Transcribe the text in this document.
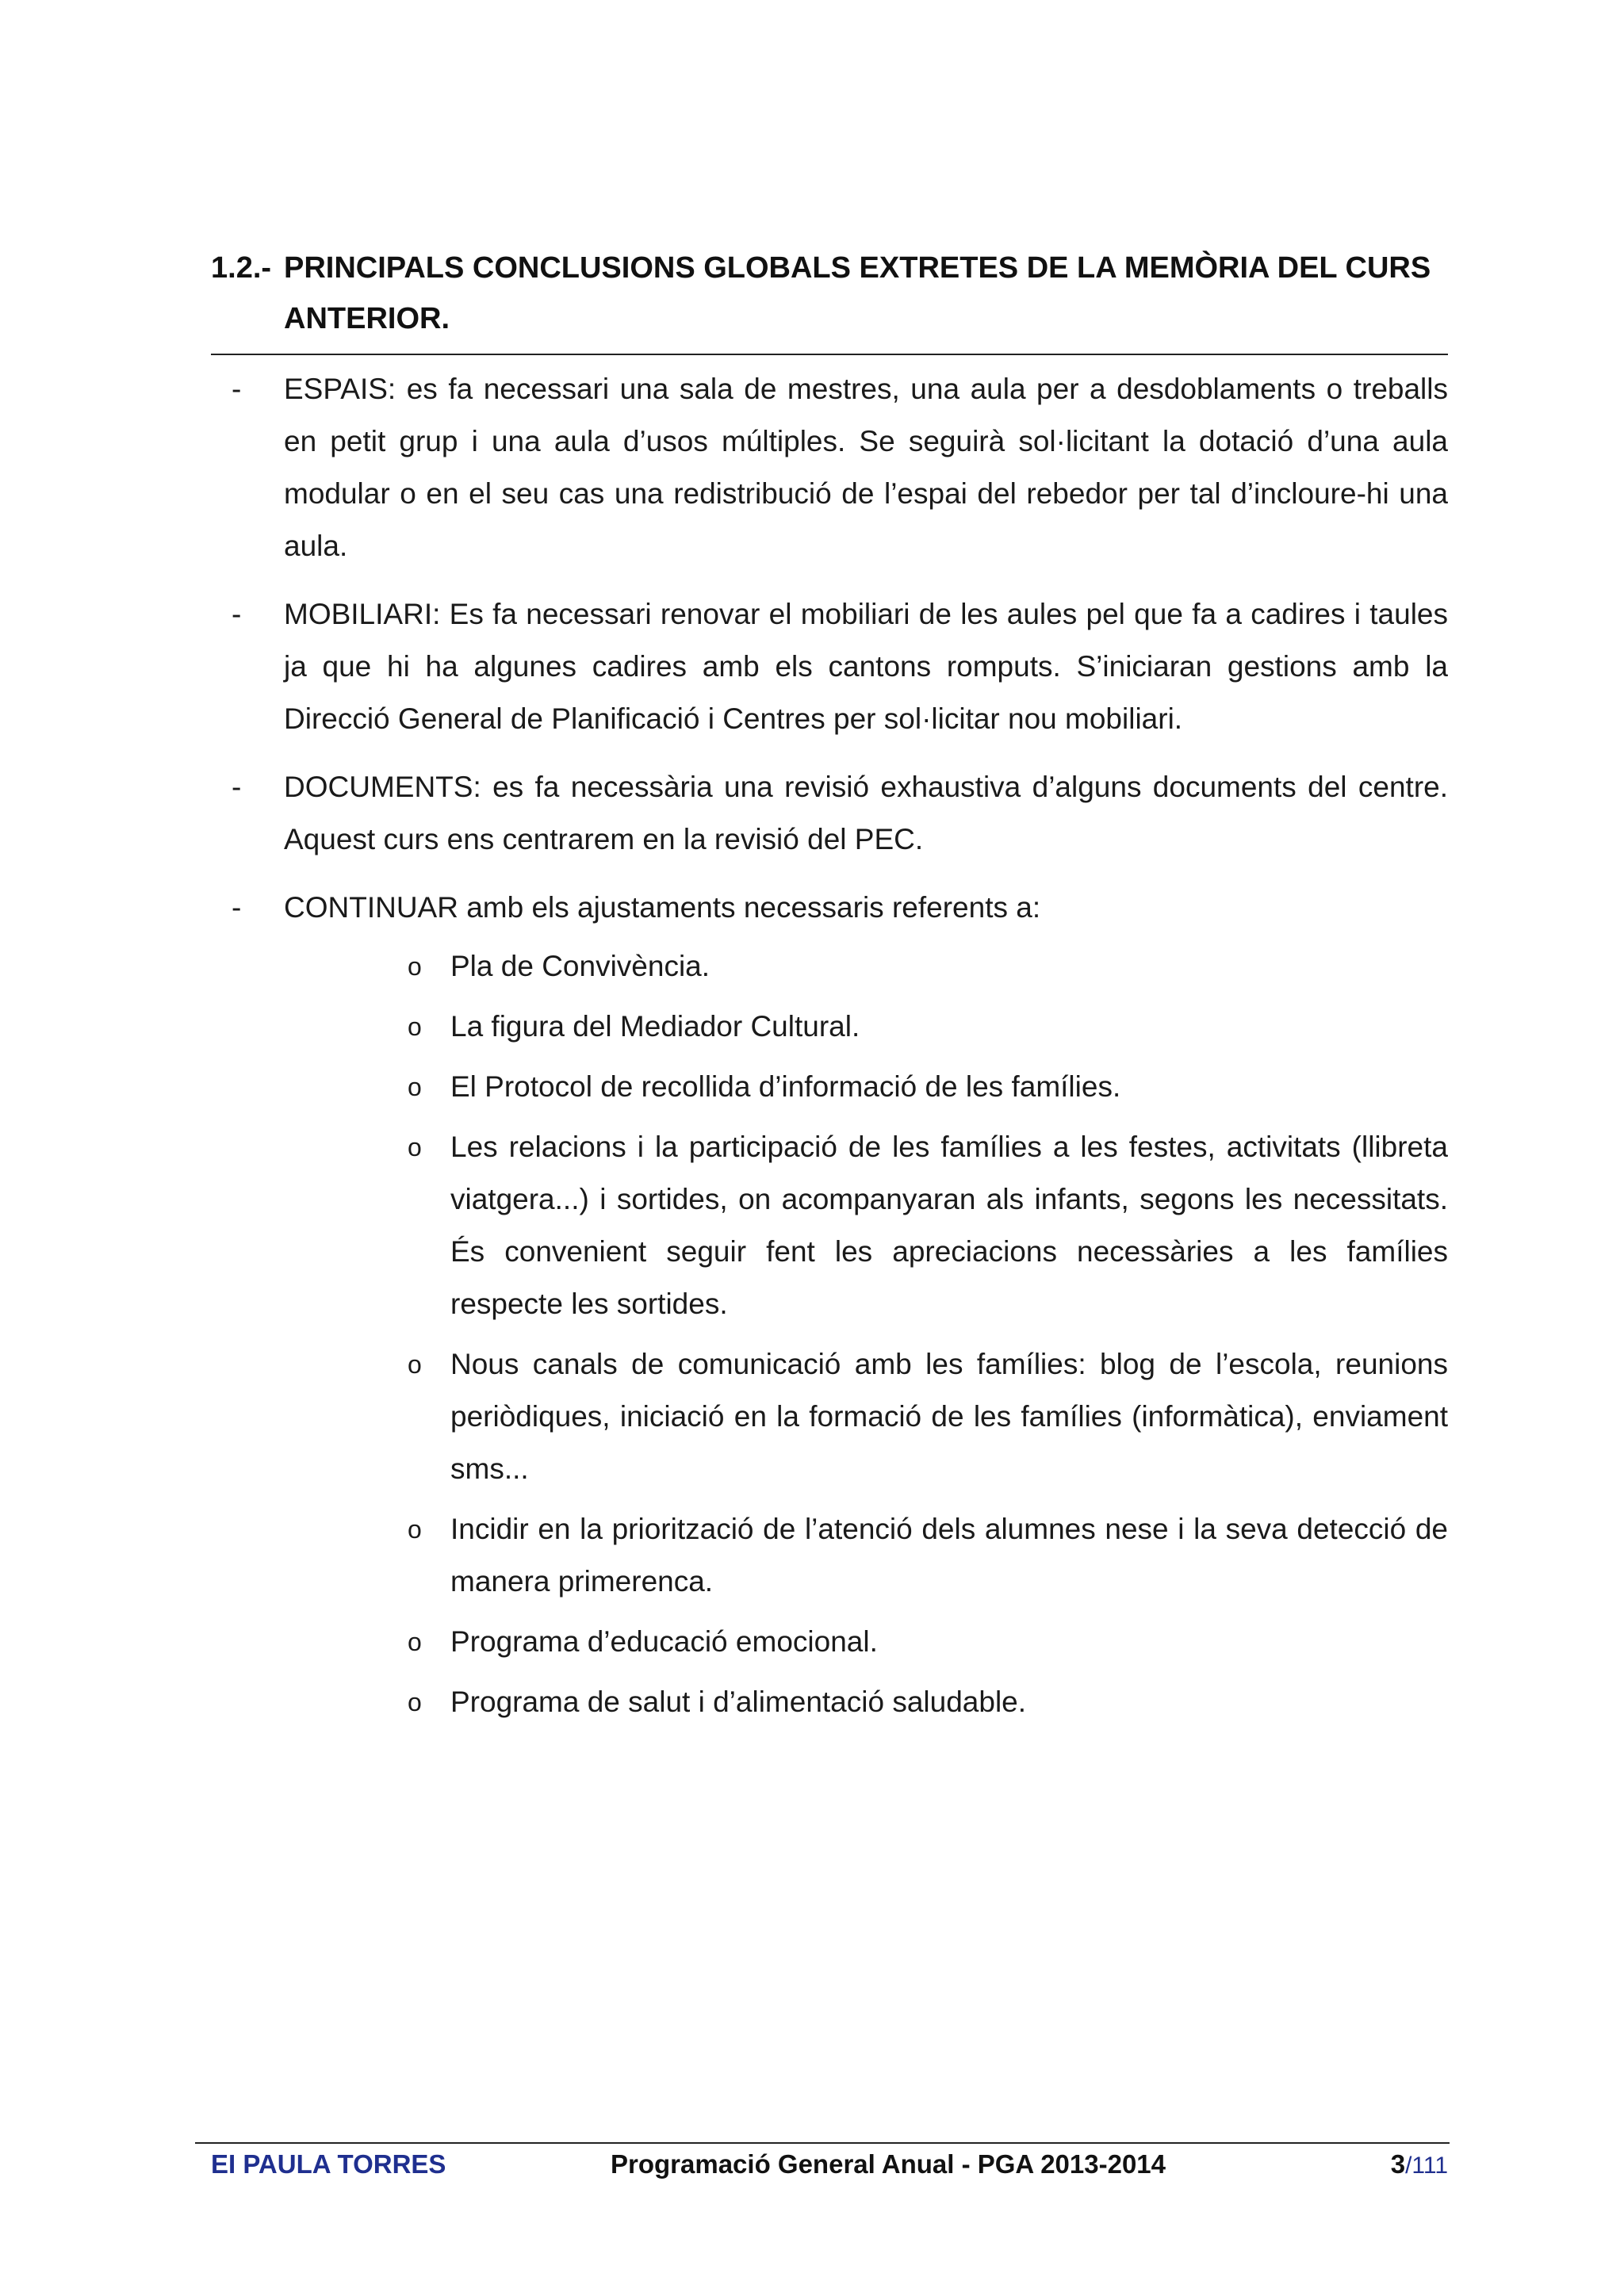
1.2.- PRINCIPALS CONCLUSIONS GLOBALS EXTRETES DE LA MEMÒRIA DEL CURS
ANTERIOR.
-	ESPAIS: es fa necessari una sala de mestres, una aula per a desdoblaments o treballs en petit grup i una aula d’usos múltiples. Se seguirà sol·licitant la dotació d’una aula modular o en el seu cas una redistribució de l’espai del rebedor per tal d’incloure-hi una aula.
-	MOBILIARI: Es fa necessari renovar el mobiliari de les aules pel que fa a cadires i taules ja que hi ha algunes cadires amb els cantons romputs. S’iniciaran gestions amb la Direcció General de Planificació i Centres per sol·licitar nou mobiliari.
-	DOCUMENTS: es fa necessària una revisió exhaustiva d’alguns documents del centre. Aquest curs ens centrarem en la revisió del PEC.
-	CONTINUAR amb els ajustaments necessaris referents a:
o Pla de Convivència.
o La figura del Mediador Cultural.
o El Protocol de recollida d’informació de les famílies.
o Les relacions i la participació de les famílies a les festes, activitats (llibreta viatgera...) i sortides, on acompanyaran als infants, segons les necessitats. És convenient seguir fent les apreciacions necessàries a les famílies respecte les sortides.
o Nous canals de comunicació amb les famílies: blog de l’escola, reunions periòdiques, iniciació en la formació de les famílies (informàtica), enviament sms...
o Incidir en la priorització de l’atenció dels alumnes nese i la seva detecció de manera primerenca.
o Programa d’educació emocional.
o Programa de salut i d’alimentació saludable.
EI PAULA TORRES	Programació General Anual - PGA 2013-2014	3/111
